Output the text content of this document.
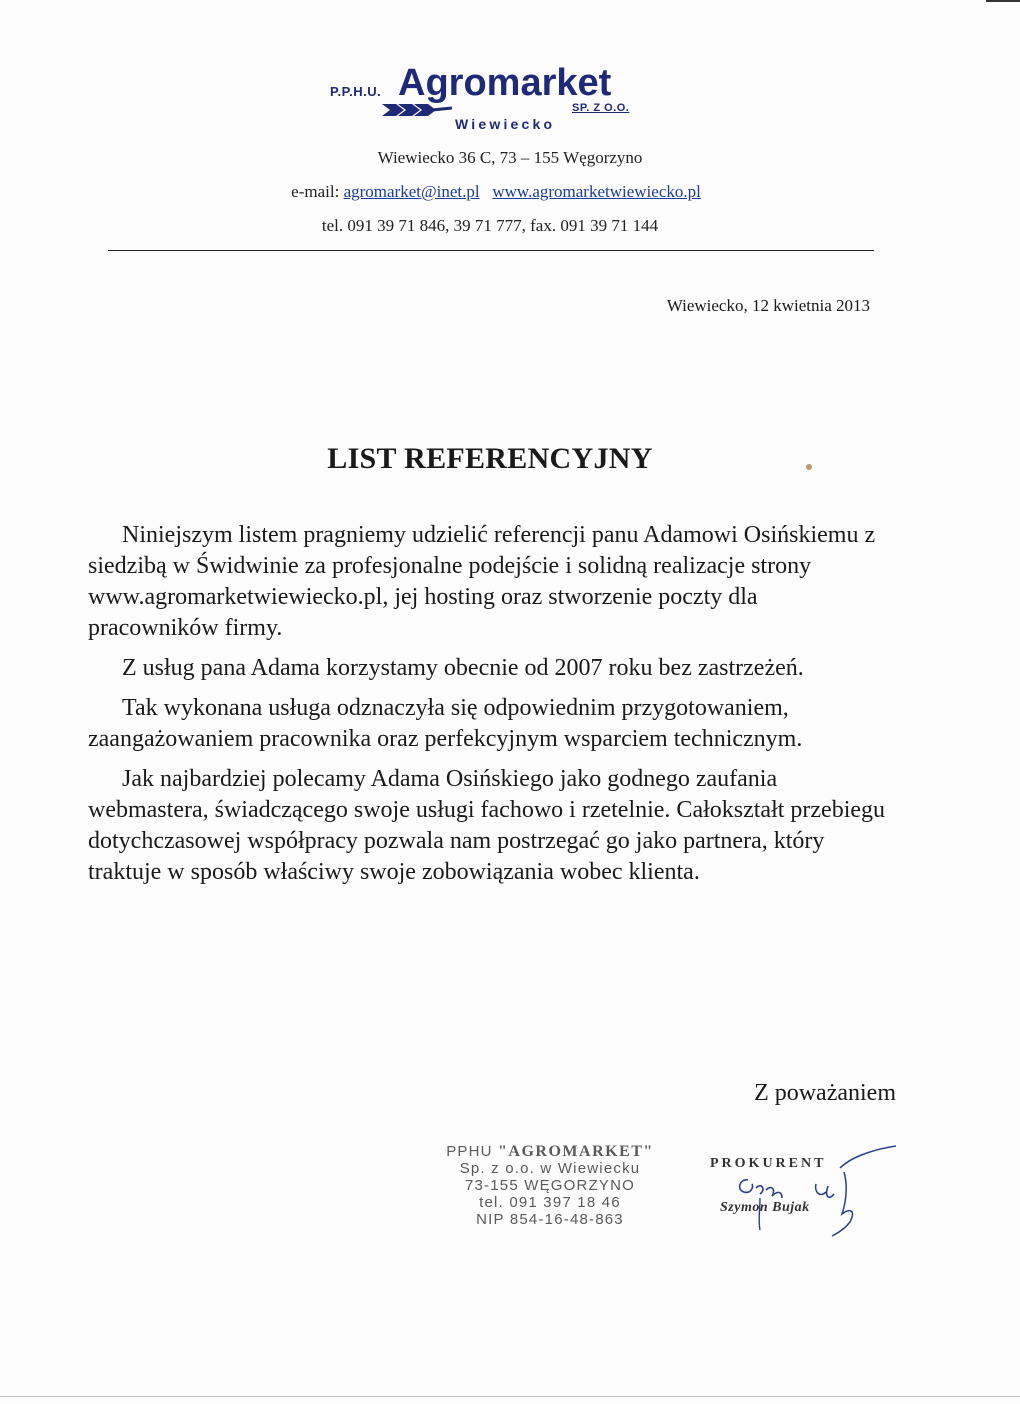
P.P.H.U. Agromarket
SP. Z O.O.
Wiewiecko
Wiewiecko 36 C, 73 – 155 Węgorzyno
e-mail: agromarket@inet.pl www.agromarketwiewiecko.pl
tel. 091 39 71 846, 39 71 777, fax. 091 39 71 144
Wiewiecko, 12 kwietnia 2013
LIST REFERENCYJNY

Niniejszym listem pragniemy udzielić referencji panu Adamowi Osińskiemu z siedzibą w Świdwinie za profesjonalne podejście i solidną realizacje strony www.agromarketwiewiecko.pl, jej hosting oraz stworzenie poczty dla pracowników firmy.

Z usług pana Adama korzystamy obecnie od 2007 roku bez zastrzeżeń.

Tak wykonana usługa odznaczyła się odpowiednim przygotowaniem, zaangażowaniem pracownika oraz perfekcyjnym wsparciem technicznym.

Jak najbardziej polecamy Adama Osińskiego jako godnego zaufania webmastera, świadczącego swoje usługi fachowo i rzetelnie. Całokształt przebiegu dotychczasowej współpracy pozwala nam postrzegać go jako partnera, który traktuje w sposób właściwy swoje zobowiązania wobec klienta.

Z poważaniem
PPHU "AGROMARKET"
Sp. z o.o. w Wiewiecku
73-155 WĘGORZYNO
tel. 091 397 18 46
NIP 854-16-48-863
PROKURENT
Szymon Bujak
